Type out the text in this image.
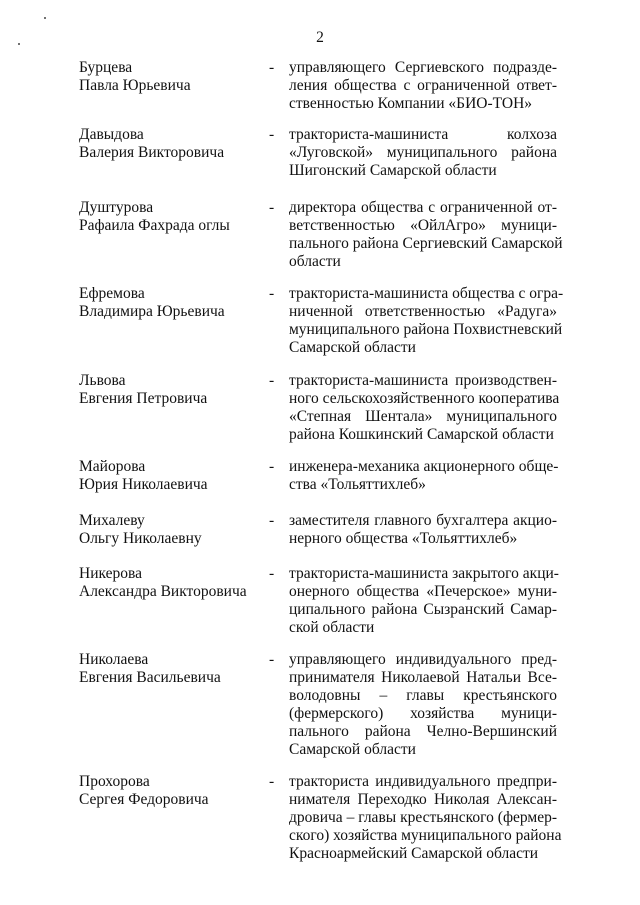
2
Бурцева
Павла Юрьевича
- управляющего Сергиевского подразде-
ления общества с ограниченной ответ-
ственностью Компании «БИО-ТОН»
Давыдова
Валерия Викторовича
- тракториста-машиниста колхоза «Луговской» муниципального района Шигонский Самарской области
Душтурова
Рафаила Фахрада оглы
- директора общества с ограниченной от-
ветственностью «ОйлАгро» муници-
пального района Сергиевский Самарской
области
Ефремова
Владимира Юрьевича
- тракториста-машиниста общества с огра-
ниченной ответственностью «Радуга»
муниципального района Похвистневский
Самарской области
Львова
Евгения Петровича
- тракториста-машиниста производствен-
ного сельскохозяйственного кооператива
«Степная Шентала» муниципального
района Кошкинский Самарской области
Майорова
Юрия Николаевича
- инженера-механика акционерного обще-
ства «Тольяттихлеб»
Михалеву
Ольгу Николаевну
- заместителя главного бухгалтера акцио-
нерного общества «Тольяттихлеб»
Никерова
Александра Викторовича
- тракториста-машиниста закрытого акци-
онерного общества «Печерское» муни-
ципального района Сызранский Самар-
ской области
Николаева
Евгения Васильевича
- управляющего индивидуального пред-
принимателя Николаевой Натальи Все-
володовны – главы крестьянского
(фермерского) хозяйства муници-
пального района Челно-Вершинский
Самарской области
Прохорова
Сергея Федоровича
- тракториста индивидуального предпри-
нимателя Переходко Николая Алексан-
дровича – главы крестьянского (фермер-
ского) хозяйства муниципального района
Красноармейский Самарской области
